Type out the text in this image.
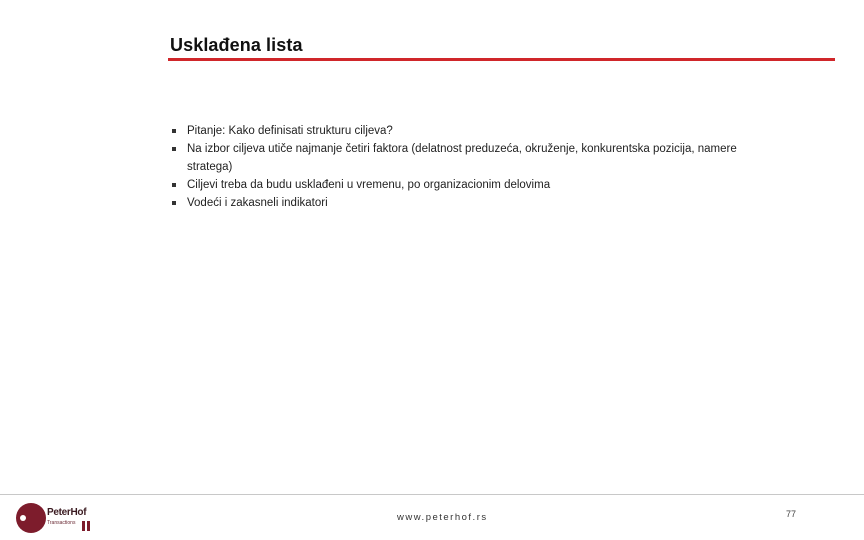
Usklađena lista
Pitanje: Kako definisati strukturu ciljeva?
Na izbor ciljeva utiče najmanje četiri faktora (delatnost preduzeća, okruženje, konkurentska pozicija, namere
stratega)
Ciljevi treba da budu usklađeni u vremenu, po organizacionim delovima
Vodeći i zakasneli indikatori
PeterHof
Transactions	www.peterhof.rs	77
